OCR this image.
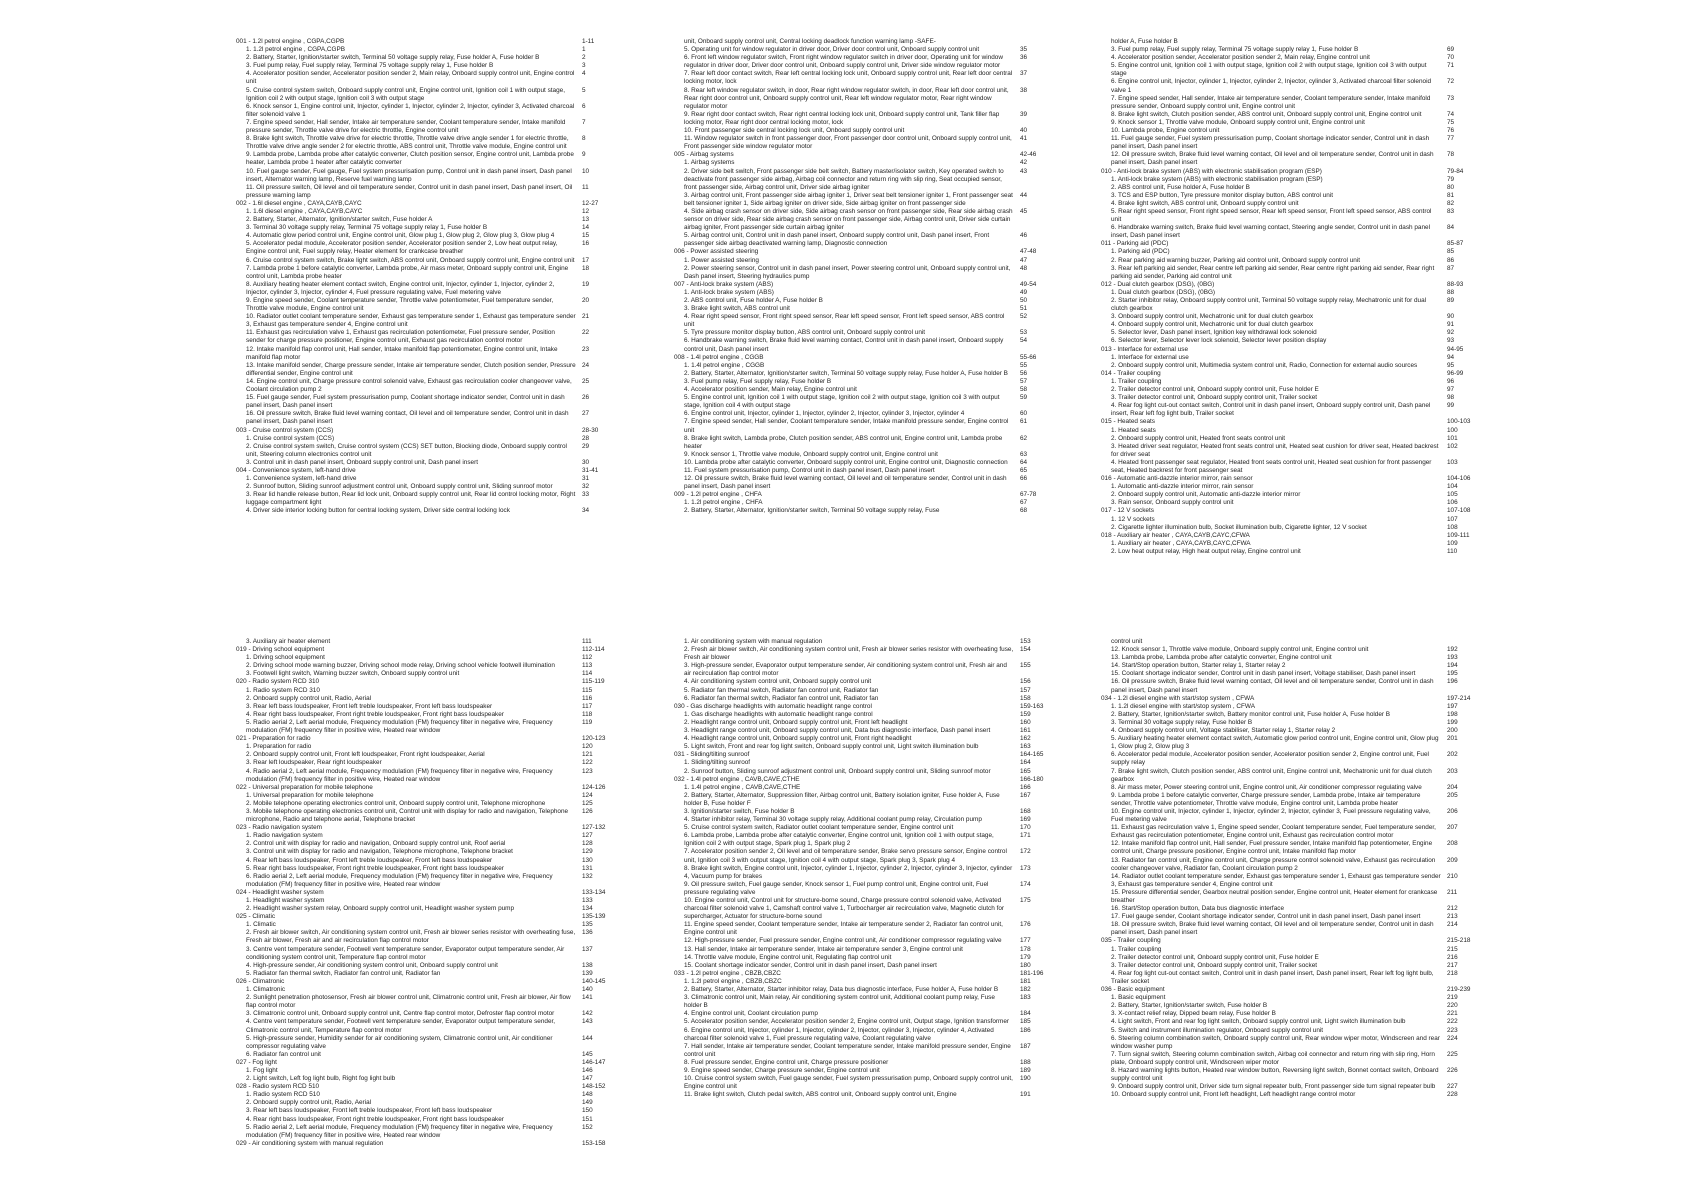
001 - 1.2l petrol engine , CGPA,CGPB	1-11
1. 1.2l petrol engine , CGPA,CGPB	1
2. Battery, Starter, Ignition/starter switch, Terminal 50 voltage supply relay, Fuse holder A, Fuse holder B	2
3. Fuel pump relay, Fuel supply relay, Terminal 75 voltage supply relay 1, Fuse holder B	3
4. Accelerator position sender, Accelerator position sender 2, Main relay, Onboard supply control unit, Engine control unit
4
5. Cruise control system switch, Onboard supply control unit, Engine control unit, Ignition coil 1 with output stage, Ignition coil 2 with output stage, Ignition coil 3 with output stage
5
6. Knock sensor 1, Engine control unit, Injector, cylinder 1, Injector, cylinder 2, Injector, cylinder 3, Activated charcoal filter solenoid valve 1
6
7. Engine speed sender, Hall sender, Intake air temperature sender, Coolant temperature sender, Intake manifold pressure sender, Throttle valve drive for electric throttle, Engine control unit
7
8. Brake light switch, Throttle valve drive for electric throttle, Throttle valve drive angle sender 1 for electric throttle, Throttle valve drive angle sender 2 for electric throttle, ABS control unit, Throttle valve module, Engine control unit
8
9. Lambda probe, Lambda probe after catalytic converter, Clutch position sensor, Engine control unit, Lambda probe heater, Lambda probe 1 heater after catalytic converter
9
10. Fuel gauge sender, Fuel gauge, Fuel system pressurisation pump, Control unit in dash panel insert, Dash panel insert, Alternator warning lamp, Reserve fuel warning lamp
10
11. Oil pressure switch, Oil level and oil temperature sender, Control unit in dash panel insert, Dash panel insert, Oil pressure warning lamp
11
002 - 1.6l diesel engine , CAYA,CAYB,CAYC	12-27
1. 1.6l diesel engine , CAYA,CAYB,CAYC	12
2. Battery, Starter, Alternator, Ignition/starter switch, Fuse holder A	13
3. Terminal 30 voltage supply relay, Terminal 75 voltage supply relay 1, Fuse holder B	14
4. Automatic glow period control unit, Engine control unit, Glow plug 1, Glow plug 2, Glow plug 3, Glow plug 4	15
5. Accelerator pedal module, Accelerator position sender, Accelerator position sender 2, Low heat output relay, Engine control unit, Fuel supply relay, Heater element for crankcase breather
16
6. Cruise control system switch, Brake light switch, ABS control unit, Onboard supply control unit, Engine control unit	17
7. Lambda probe 1 before catalytic converter, Lambda probe, Air mass meter, Onboard supply control unit, Engine control unit, Lambda probe heater
18
8. Auxiliary heating heater element contact switch, Engine control unit, Injector, cylinder 1, Injector, cylinder 2, Injector, cylinder 3, Injector, cylinder 4, Fuel pressure regulating valve, Fuel metering valve
19
9. Engine speed sender, Coolant temperature sender, Throttle valve potentiometer, Fuel temperature sender, Throttle valve module, Engine control unit
20
10. Radiator outlet coolant temperature sender, Exhaust gas temperature sender 1, Exhaust gas temperature sender 3, Exhaust gas temperature sender 4, Engine control unit
21
11. Exhaust gas recirculation valve 1, Exhaust gas recirculation potentiometer, Fuel pressure sender, Position sender for charge pressure positioner, Engine control unit, Exhaust gas recirculation control motor
22
12. Intake manifold flap control unit, Hall sender, Intake manifold flap potentiometer, Engine control unit, Intake manifold flap motor
23
13. Intake manifold sender, Charge pressure sender, Intake air temperature sender, Clutch position sender, Pressure differential sender, Engine control unit
24
14. Engine control unit, Charge pressure control solenoid valve, Exhaust gas recirculation cooler changeover valve, Coolant circulation pump 2
25
15. Fuel gauge sender, Fuel system pressurisation pump, Coolant shortage indicator sender, Control unit in dash panel insert, Dash panel insert
26
16. Oil pressure switch, Brake fluid level warning contact, Oil level and oil temperature sender, Control unit in dash panel insert, Dash panel insert
27
003 - Cruise control system (CCS)	28-30
1. Cruise control system (CCS)	28
2. Cruise control system switch, Cruise control system (CCS) SET button, Blocking diode, Onboard supply control unit, Steering column electronics control unit
29
3. Control unit in dash panel insert, Onboard supply control unit, Dash panel insert	30
004 - Convenience system, left-hand drive	31-41
1. Convenience system, left-hand drive	31
2. Sunroof button, Sliding sunroof adjustment control unit, Onboard supply control unit, Sliding sunroof motor	32
3. Rear lid handle release button, Rear lid lock unit, Onboard supply control unit, Rear lid control locking motor, Right luggage compartment light
33
4. Driver side interior locking button for central locking system, Driver side central locking lock	34
unit, Onboard supply control unit, Central locking deadlock function warning lamp -SAFE-
5. Operating unit for window regulator in driver door, Driver door control unit, Onboard supply control unit	35
6. Front left window regulator switch, Front right window regulator switch in driver door, Operating unit for window regulator in driver door, Driver door control unit, Onboard supply control unit, Driver side window regulator motor
36
7. Rear left door contact switch, Rear left central locking lock unit, Onboard supply control unit, Rear left door central locking motor, lock
37
8. Rear left window regulator switch, in door, Rear right window regulator switch, in door, Rear left door control unit, Rear right door control unit, Onboard supply control unit, Rear left window regulator motor, Rear right window regulator motor
38
9. Rear right door contact switch, Rear right central locking lock unit, Onboard supply control unit, Tank filler flap locking motor, Rear right door central locking motor, lock
39
10. Front passenger side central locking lock unit, Onboard supply control unit	40
11. Window regulator switch in front passenger door, Front passenger door control unit, Onboard supply control unit, Front passenger side window regulator motor
41
005 - Airbag systems	42-46
1. Airbag systems	42
2. Driver side belt switch, Front passenger side belt switch, Battery master/isolator switch, Key operated switch to deactivate front passenger side airbag, Airbag coil connector and return ring with slip ring, Seat occupied sensor, front passenger side, Airbag control unit, Driver side airbag igniter
43
3. Airbag control unit, Front passenger side airbag igniter 1, Driver seat belt tensioner igniter 1, Front passenger seat belt tensioner igniter 1, Side airbag igniter on driver side, Side airbag igniter on front passenger side
44
4. Side airbag crash sensor on driver side, Side airbag crash sensor on front passenger side, Rear side airbag crash sensor on driver side, Rear side airbag crash sensor on front passenger side, Airbag control unit, Driver side curtain airbag igniter, Front passenger side curtain airbag igniter
45
5. Airbag control unit, Control unit in dash panel insert, Onboard supply control unit, Dash panel insert, Front passenger side airbag deactivated warning lamp, Diagnostic connection
46
006 - Power assisted steering	47-48
1. Power assisted steering	47
2. Power steering sensor, Control unit in dash panel insert, Power steering control unit, Onboard supply control unit, Dash panel insert, Steering hydraulics pump
48
007 - Anti-lock brake system (ABS)	49-54
1. Anti-lock brake system (ABS)	49
2. ABS control unit, Fuse holder A, Fuse holder B	50
3. Brake light switch, ABS control unit	51
4. Rear right speed sensor, Front right speed sensor, Rear left speed sensor, Front left speed sensor, ABS control unit
52
5. Tyre pressure monitor display button, ABS control unit, Onboard supply control unit	53
6. Handbrake warning switch, Brake fluid level warning contact, Control unit in dash panel insert, Onboard supply control unit, Dash panel insert
54
008 - 1.4l petrol engine , CGGB	55-66
1. 1.4l petrol engine , CGGB	55
2. Battery, Starter, Alternator, Ignition/starter switch, Terminal 50 voltage supply relay, Fuse holder A, Fuse holder B	56
3. Fuel pump relay, Fuel supply relay, Fuse holder B	57
4. Accelerator position sender, Main relay, Engine control unit	58
5. Engine control unit, Ignition coil 1 with output stage, Ignition coil 2 with output stage, Ignition coil 3 with output stage, Ignition coil 4 with output stage
59
6. Engine control unit, Injector, cylinder 1, Injector, cylinder 2, Injector, cylinder 3, Injector, cylinder 4	60
7. Engine speed sender, Hall sender, Coolant temperature sender, Intake manifold pressure sender, Engine control unit
61
8. Brake light switch, Lambda probe, Clutch position sender, ABS control unit, Engine control unit, Lambda probe heater
62
9. Knock sensor 1, Throttle valve module, Onboard supply control unit, Engine control unit	63
10. Lambda probe after catalytic converter, Onboard supply control unit, Engine control unit, Diagnostic connection	64
11. Fuel system pressurisation pump, Control unit in dash panel insert, Dash panel insert	65
12. Oil pressure switch, Brake fluid level warning contact, Oil level and oil temperature sender, Control unit in dash panel insert, Dash panel insert
66
009 - 1.2l petrol engine , CHFA	67-78
1. 1.2l petrol engine , CHFA	67
2. Battery, Starter, Alternator, Ignition/starter switch, Terminal 50 voltage supply relay, Fuse	68
holder A, Fuse holder B
3. Fuel pump relay, Fuel supply relay, Terminal 75 voltage supply relay 1, Fuse holder B	69
4. Accelerator position sender, Accelerator position sender 2, Main relay, Engine control unit	70
5. Engine control unit, Ignition coil 1 with output stage, Ignition coil 2 with output stage, Ignition coil 3 with output stage
71
6. Engine control unit, Injector, cylinder 1, Injector, cylinder 2, Injector, cylinder 3, Activated charcoal filter solenoid valve 1
72
7. Engine speed sender, Hall sender, Intake air temperature sender, Coolant temperature sender, Intake manifold pressure sender, Onboard supply control unit, Engine control unit
73
8. Brake light switch, Clutch position sender, ABS control unit, Onboard supply control unit, Engine control unit	74
9. Knock sensor 1, Throttle valve module, Onboard supply control unit, Engine control unit	75
10. Lambda probe, Engine control unit	76
11. Fuel gauge sender, Fuel system pressurisation pump, Coolant shortage indicator sender, Control unit in dash panel insert, Dash panel insert
77
12. Oil pressure switch, Brake fluid level warning contact, Oil level and oil temperature sender, Control unit in dash panel insert, Dash panel insert
78
010 - Anti-lock brake system (ABS) with electronic stabilisation program (ESP)	79-84
1. Anti-lock brake system (ABS) with electronic stabilisation program (ESP)	79
2. ABS control unit, Fuse holder A, Fuse holder B	80
3. TCS and ESP button, Tyre pressure monitor display button, ABS control unit	81
4. Brake light switch, ABS control unit, Onboard supply control unit	82
5. Rear right speed sensor, Front right speed sensor, Rear left speed sensor, Front left speed sensor, ABS control unit
83
6. Handbrake warning switch, Brake fluid level warning contact, Steering angle sender, Control unit in dash panel insert, Dash panel insert
84
011 - Parking aid (PDC)	85-87
1. Parking aid (PDC)	85
2. Rear parking aid warning buzzer, Parking aid control unit, Onboard supply control unit	86
3. Rear left parking aid sender, Rear centre left parking aid sender, Rear centre right parking aid sender, Rear right parking aid sender, Parking aid control unit
87
012 - Dual clutch gearbox (DSG), (0BG)	88-93
1. Dual clutch gearbox (DSG), (0BG)	88
2. Starter inhibitor relay, Onboard supply control unit, Terminal 50 voltage supply relay, Mechatronic unit for dual clutch gearbox
89
3. Onboard supply control unit, Mechatronic unit for dual clutch gearbox	90
4. Onboard supply control unit, Mechatronic unit for dual clutch gearbox	91
5. Selector lever, Dash panel insert, Ignition key withdrawal lock solenoid	92
6. Selector lever, Selector lever lock solenoid, Selector lever position display	93
013 - Interface for external use	94-95
1. Interface for external use	94
2. Onboard supply control unit, Multimedia system control unit, Radio, Connection for external audio sources	95
014 - Trailer coupling	96-99
1. Trailer coupling	96
2. Trailer detector control unit, Onboard supply control unit, Fuse holder E	97
3. Trailer detector control unit, Onboard supply control unit, Trailer socket	98
4. Rear fog light cut-out contact switch, Control unit in dash panel insert, Onboard supply control unit, Dash panel insert, Rear left fog light bulb, Trailer socket
99
015 - Heated seats	100-103
1. Heated seats	100
2. Onboard supply control unit, Heated front seats control unit	101
3. Heated driver seat regulator, Heated front seats control unit, Heated seat cushion for driver seat, Heated backrest for driver seat
102
4. Heated front passenger seat regulator, Heated front seats control unit, Heated seat cushion for front passenger seat, Heated backrest for front passenger seat
103
016 - Automatic anti-dazzle interior mirror, rain sensor	104-106
1. Automatic anti-dazzle interior mirror, rain sensor	104
2. Onboard supply control unit, Automatic anti-dazzle interior mirror	105
3. Rain sensor, Onboard supply control unit	106
017 - 12 V sockets	107-108
1. 12 V sockets	107
2. Cigarette lighter illumination bulb, Socket illumination bulb, Cigarette lighter, 12 V socket	108
018 - Auxiliary air heater , CAYA,CAYB,CAYC,CFWA	109-111
1. Auxiliary air heater , CAYA,CAYB,CAYC,CFWA	109
2. Low heat output relay, High heat output relay, Engine control unit	110
3. Auxiliary air heater element	111
019 - Driving school equipment	112-114
1. Driving school equipment	112
2. Driving school mode warning buzzer, Driving school mode relay, Driving school vehicle footwell illumination	113
3. Footwell light switch, Warning buzzer switch, Onboard supply control unit	114
020 - Radio system RCD 310	115-119
1. Radio system RCD 310	115
2. Onboard supply control unit, Radio, Aerial	116
3. Rear left bass loudspeaker, Front left treble loudspeaker, Front left bass loudspeaker	117
4. Rear right bass loudspeaker, Front right treble loudspeaker, Front right bass loudspeaker	118
5. Radio aerial 2, Left aerial module, Frequency modulation (FM) frequency filter in negative wire, Frequency modulation (FM) frequency filter in positive wire, Heated rear window
119
021 - Preparation for radio	120-123
1. Preparation for radio	120
2. Onboard supply control unit, Front left loudspeaker, Front right loudspeaker, Aerial	121
3. Rear left loudspeaker, Rear right loudspeaker	122
4. Radio aerial 2, Left aerial module, Frequency modulation (FM) frequency filter in negative wire, Frequency modulation (FM) frequency filter in positive wire, Heated rear window
123
022 - Universal preparation for mobile telephone	124-126
1. Universal preparation for mobile telephone	124
2. Mobile telephone operating electronics control unit, Onboard supply control unit, Telephone microphone	125
3. Mobile telephone operating electronics control unit, Control unit with display for radio and navigation, Telephone microphone, Radio and telephone aerial, Telephone bracket
126
023 - Radio navigation system	127-132
1. Radio navigation system	127
2. Control unit with display for radio and navigation, Onboard supply control unit, Roof aerial	128
3. Control unit with display for radio and navigation, Telephone microphone, Telephone bracket	129
4. Rear left bass loudspeaker, Front left treble loudspeaker, Front left bass loudspeaker	130
5. Rear right bass loudspeaker, Front right treble loudspeaker, Front right bass loudspeaker	131
6. Radio aerial 2, Left aerial module, Frequency modulation (FM) frequency filter in negative wire, Frequency modulation (FM) frequency filter in positive wire, Heated rear window
132
024 - Headlight washer system	133-134
1. Headlight washer system	133
2. Headlight washer system relay, Onboard supply control unit, Headlight washer system pump	134
025 - Climatic	135-139
1. Climatic	135
2. Fresh air blower switch, Air conditioning system control unit, Fresh air blower series resistor with overheating fuse, Fresh air blower, Fresh air and air recirculation flap control motor
136
3. Centre vent temperature sender, Footwell vent temperature sender, Evaporator output temperature sender, Air conditioning system control unit, Temperature flap control motor
137
4. High-pressure sender, Air conditioning system control unit, Onboard supply control unit	138
5. Radiator fan thermal switch, Radiator fan control unit, Radiator fan	139
026 - Climatronic	140-145
1. Climatronic	140
2. Sunlight penetration photosensor, Fresh air blower control unit, Climatronic control unit, Fresh air blower, Air flow flap control motor
141
3. Climatronic control unit, Onboard supply control unit, Centre flap control motor, Defroster flap control motor	142
4. Centre vent temperature sender, Footwell vent temperature sender, Evaporator output temperature sender, Climatronic control unit, Temperature flap control motor
143
5. High-pressure sender, Humidity sender for air conditioning system, Climatronic control unit, Air conditioner compressor regulating valve
144
6. Radiator fan control unit	145
027 - Fog light	146-147
1. Fog light	146
2. Light switch, Left fog light bulb, Right fog light bulb	147
028 - Radio system RCD 510	148-152
1. Radio system RCD 510	148
2. Onboard supply control unit, Radio, Aerial	149
3. Rear left bass loudspeaker, Front left treble loudspeaker, Front left bass loudspeaker	150
4. Rear right bass loudspeaker, Front right treble loudspeaker, Front right bass loudspeaker	151
5. Radio aerial 2, Left aerial module, Frequency modulation (FM) frequency filter in negative wire, Frequency modulation (FM) frequency filter in positive wire, Heated rear window
152
029 - Air conditioning system with manual regulation	153-158
1. Air conditioning system with manual regulation	153
2. Fresh air blower switch, Air conditioning system control unit, Fresh air blower series resistor with overheating fuse, Fresh air blower
154
3. High-pressure sender, Evaporator output temperature sender, Air conditioning system control unit, Fresh air and air recirculation flap control motor
155
4. Air conditioning system control unit, Onboard supply control unit	156
5. Radiator fan thermal switch, Radiator fan control unit, Radiator fan	157
6. Radiator fan thermal switch, Radiator fan control unit, Radiator fan	158
030 - Gas discharge headlights with automatic headlight range control	159-163
1. Gas discharge headlights with automatic headlight range control	159
2. Headlight range control unit, Onboard supply control unit, Front left headlight	160
3. Headlight range control unit, Onboard supply control unit, Data bus diagnostic interface, Dash panel insert	161
4. Headlight range control unit, Onboard supply control unit, Front right headlight	162
5. Light switch, Front and rear fog light switch, Onboard supply control unit, Light switch illumination bulb	163
031 - Sliding/tilting sunroof	164-165
1. Sliding/tilting sunroof	164
2. Sunroof button, Sliding sunroof adjustment control unit, Onboard supply control unit, Sliding sunroof motor	165
032 - 1.4l petrol engine , CAVB,CAVE,CTHE	166-180
1. 1.4l petrol engine , CAVB,CAVE,CTHE	166
2. Battery, Starter, Alternator, Suppression filter, Airbag control unit, Battery isolation igniter, Fuse holder A, Fuse holder B, Fuse holder F
167
3. Ignition/starter switch, Fuse holder B	168
4. Starter inhibitor relay, Terminal 30 voltage supply relay, Additional coolant pump relay, Circulation pump	169
5. Cruise control system switch, Radiator outlet coolant temperature sender, Engine control unit	170
6. Lambda probe, Lambda probe after catalytic converter, Engine control unit, Ignition coil 1 with output stage, Ignition coil 2 with output stage, Spark plug 1, Spark plug 2
171
7. Accelerator position sender 2, Oil level and oil temperature sender, Brake servo pressure sensor, Engine control unit, Ignition coil 3 with output stage, Ignition coil 4 with output stage, Spark plug 3, Spark plug 4
172
8. Brake light switch, Engine control unit, Injector, cylinder 1, Injector, cylinder 2, Injector, cylinder 3, Injector, cylinder 4, Vacuum pump for brakes
173
9. Oil pressure switch, Fuel gauge sender, Knock sensor 1, Fuel pump control unit, Engine control unit, Fuel pressure regulating valve
174
10. Engine control unit, Control unit for structure-borne sound, Charge pressure control solenoid valve, Activated charcoal filter solenoid valve 1, Camshaft control valve 1, Turbocharger air recirculation valve, Magnetic clutch for supercharger, Actuator for structure-borne sound
175
11. Engine speed sender, Coolant temperature sender, Intake air temperature sender 2, Radiator fan control unit, Engine control unit
176
12. High-pressure sender, Fuel pressure sender, Engine control unit, Air conditioner compressor regulating valve	177
13. Hall sender, Intake air temperature sender, Intake air temperature sender 3, Engine control unit	178
14. Throttle valve module, Engine control unit, Regulating flap control unit	179
15. Coolant shortage indicator sender, Control unit in dash panel insert, Dash panel insert	180
033 - 1.2l petrol engine , CBZB,CBZC	181-196
1. 1.2l petrol engine , CBZB,CBZC	181
2. Battery, Starter, Alternator, Starter inhibitor relay, Data bus diagnostic interface, Fuse holder A, Fuse holder B	182
3. Climatronic control unit, Main relay, Air conditioning system control unit, Additional coolant pump relay, Fuse holder B
183
4. Engine control unit, Coolant circulation pump	184
5. Accelerator position sender, Accelerator position sender 2, Engine control unit, Output stage, Ignition transformer	185
6. Engine control unit, Injector, cylinder 1, Injector, cylinder 2, Injector, cylinder 3, Injector, cylinder 4, Activated charcoal filter solenoid valve 1, Fuel pressure regulating valve, Coolant regulating valve
186
7. Hall sender, Intake air temperature sender, Coolant temperature sender, Intake manifold pressure sender, Engine control unit
187
8. Fuel pressure sender, Engine control unit, Charge pressure positioner	188
9. Engine speed sender, Charge pressure sender, Engine control unit	189
10. Cruise control system switch, Fuel gauge sender, Fuel system pressurisation pump, Onboard supply control unit, Engine control unit
190
11. Brake light switch, Clutch pedal switch, ABS control unit, Onboard supply control unit, Engine	191
control unit
12. Knock sensor 1, Throttle valve module, Onboard supply control unit, Engine control unit	192
13. Lambda probe, Lambda probe after catalytic converter, Engine control unit	193
14. Start/Stop operation button, Starter relay 1, Starter relay 2	194
15. Coolant shortage indicator sender, Control unit in dash panel insert, Voltage stabiliser, Dash panel insert	195
16. Oil pressure switch, Brake fluid level warning contact, Oil level and oil temperature sender, Control unit in dash panel insert, Dash panel insert
196
034 - 1.2l diesel engine with start/stop system , CFWA	197-214
1. 1.2l diesel engine with start/stop system , CFWA	197
2. Battery, Starter, Ignition/starter switch, Battery monitor control unit, Fuse holder A, Fuse holder B	198
3. Terminal 30 voltage supply relay, Fuse holder B	199
4. Onboard supply control unit, Voltage stabiliser, Starter relay 1, Starter relay 2	200
5. Auxiliary heating heater element contact switch, Automatic glow period control unit, Engine control unit, Glow plug 1, Glow plug 2, Glow plug 3
201
6. Accelerator pedal module, Accelerator position sender, Accelerator position sender 2, Engine control unit, Fuel supply relay
202
7. Brake light switch, Clutch position sender, ABS control unit, Engine control unit, Mechatronic unit for dual clutch gearbox
203
8. Air mass meter, Power steering control unit, Engine control unit, Air conditioner compressor regulating valve	204
9. Lambda probe 1 before catalytic converter, Charge pressure sender, Lambda probe, Intake air temperature sender, Throttle valve potentiometer, Throttle valve module, Engine control unit, Lambda probe heater
205
10. Engine control unit, Injector, cylinder 1, Injector, cylinder 2, Injector, cylinder 3, Fuel pressure regulating valve, Fuel metering valve
206
11. Exhaust gas recirculation valve 1, Engine speed sender, Coolant temperature sender, Fuel temperature sender, Exhaust gas recirculation potentiometer, Engine control unit, Exhaust gas recirculation control motor
207
12. Intake manifold flap control unit, Hall sender, Fuel pressure sender, Intake manifold flap potentiometer, Engine control unit, Charge pressure positioner, Engine control unit, Intake manifold flap motor
208
13. Radiator fan control unit, Engine control unit, Charge pressure control solenoid valve, Exhaust gas recirculation cooler changeover valve, Radiator fan, Coolant circulation pump 2
209
14. Radiator outlet coolant temperature sender, Exhaust gas temperature sender 1, Exhaust gas temperature sender 3, Exhaust gas temperature sender 4, Engine control unit
210
15. Pressure differential sender, Gearbox neutral position sender, Engine control unit, Heater element for crankcase breather
211
16. Start/Stop operation button, Data bus diagnostic interface	212
17. Fuel gauge sender, Coolant shortage indicator sender, Control unit in dash panel insert, Dash panel insert	213
18. Oil pressure switch, Brake fluid level warning contact, Oil level and oil temperature sender, Control unit in dash panel insert, Dash panel insert
214
035 - Trailer coupling	215-218
1. Trailer coupling	215
2. Trailer detector control unit, Onboard supply control unit, Fuse holder E	216
3. Trailer detector control unit, Onboard supply control unit, Trailer socket	217
4. Rear fog light cut-out contact switch, Control unit in dash panel insert, Dash panel insert, Rear left fog light bulb, Trailer socket
218
036 - Basic equipment	219-239
1. Basic equipment	219
2. Battery, Starter, Ignition/starter switch, Fuse holder B	220
3. X-contact relief relay, Dipped beam relay, Fuse holder B	221
4. Light switch, Front and rear fog light switch, Onboard supply control unit, Light switch illumination bulb	222
5. Switch and instrument illumination regulator, Onboard supply control unit	223
6. Steering column combination switch, Onboard supply control unit, Rear window wiper motor, Windscreen and rear window washer pump
224
7. Turn signal switch, Steering column combination switch, Airbag coil connector and return ring with slip ring, Horn plate, Onboard supply control unit, Windscreen wiper motor
225
8. Hazard warning lights button, Heated rear window button, Reversing light switch, Bonnet contact switch, Onboard supply control unit
226
9. Onboard supply control unit, Driver side turn signal repeater bulb, Front passenger side turn signal repeater bulb	227
10. Onboard supply control unit, Front left headlight, Left headlight range control motor	228
